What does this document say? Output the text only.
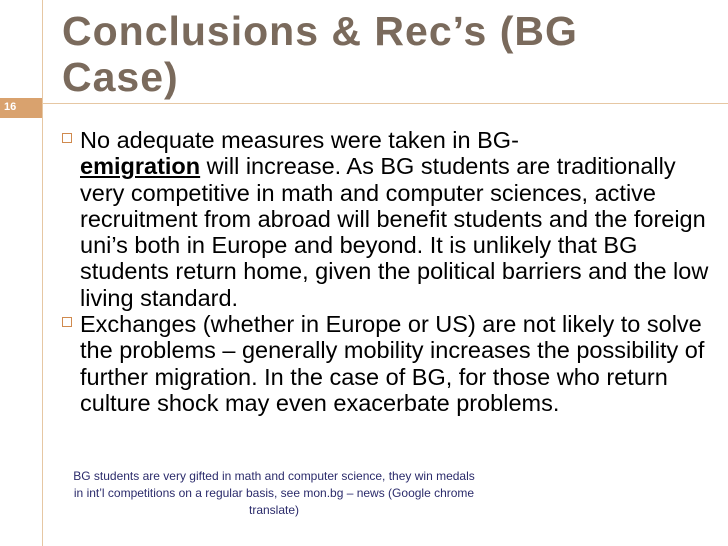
16
Conclusions & Rec’s (BG Case)
No adequate measures were taken in BG-
emigration will increase. As BG students are traditionally very competitive in math and computer sciences, active recruitment from abroad will benefit students and the foreign uni’s both in Europe and beyond. It is unlikely that BG students return home, given the political barriers and the low living standard.
Exchanges (whether in Europe or US) are not likely to solve the problems – generally mobility increases the possibility of further migration. In the case of BG, for those who return culture shock may even exacerbate problems.
BG students are very gifted in math and computer science, they win medals in int’l competitions on a regular basis, see mon.bg – news (Google chrome translate)
